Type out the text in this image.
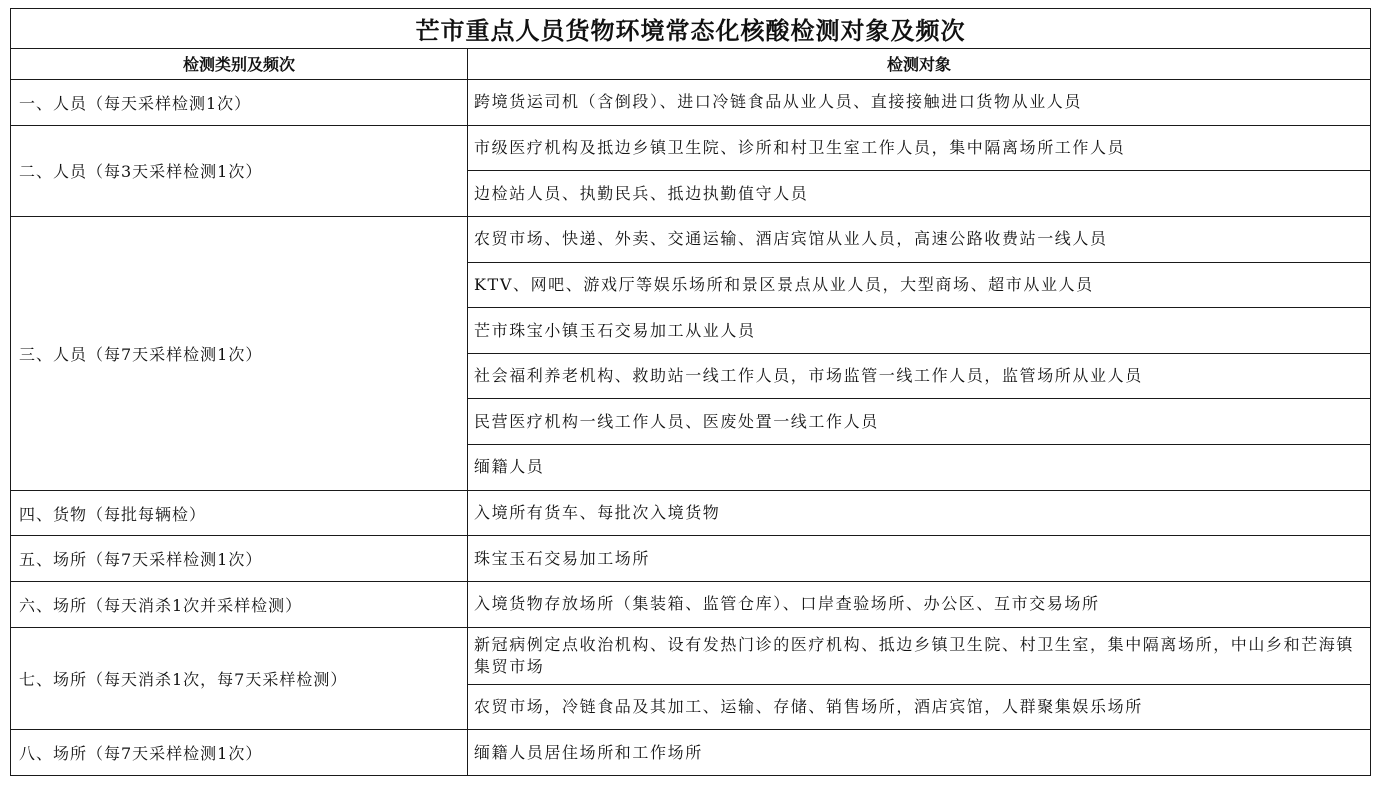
芒市重点人员货物环境常态化核酸检测对象及频次	
检测类别及频次	检测对象
一、人员（每天采样检测1次）	跨境货运司机（含倒段）、进口冷链食品从业人员、直接接触进口货物从业人员
二、人员（每3天采样检测1次）	市级医疗机构及抵边乡镇卫生院、诊所和村卫生室工作人员，集中隔离场所工作人员
	边检站人员、执勤民兵、抵边执勤值守人员
三、人员（每7天采样检测1次）	农贸市场、快递、外卖、交通运输、酒店宾馆从业人员，高速公路收费站一线人员
	KTV、网吧、游戏厅等娱乐场所和景区景点从业人员，大型商场、超市从业人员
	芒市珠宝小镇玉石交易加工从业人员
	社会福利养老机构、救助站一线工作人员，市场监管一线工作人员，监管场所从业人员
	民营医疗机构一线工作人员、医废处置一线工作人员
	缅籍人员
四、货物（每批每辆检）	入境所有货车、每批次入境货物
五、场所（每7天采样检测1次）	珠宝玉石交易加工场所
六、场所（每天消杀1次并采样检测）	入境货物存放场所（集装箱、监管仓库）、口岸查验场所、办公区、互市交易场所
七、场所（每天消杀1次，每7天采样检测）	新冠病例定点收治机构、设有发热门诊的医疗机构、抵边乡镇卫生院、村卫生室，集中隔离场所，中山乡和芒海镇集贸市场
	农贸市场，冷链食品及其加工、运输、存储、销售场所，酒店宾馆，人群聚集娱乐场所
八、场所（每7天采样检测1次）	缅籍人员居住场所和工作场所
